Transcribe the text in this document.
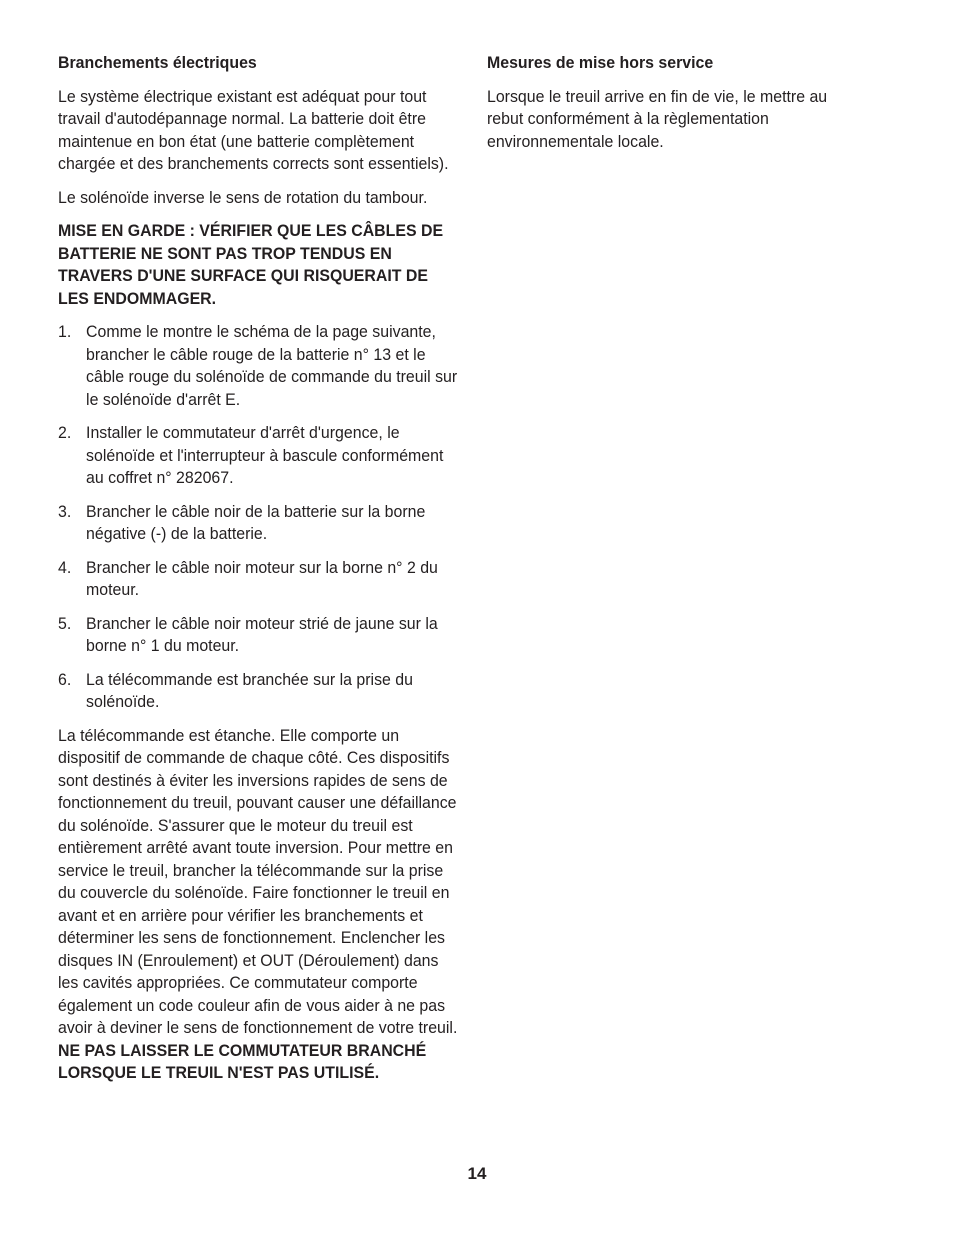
Branchements électriques

Le système électrique existant est adéquat pour tout travail d'autodépannage normal. La batterie doit être maintenue en bon état (une batterie complètement chargée et des branchements corrects sont essentiels).

Le solénoïde inverse le sens de rotation du tambour.

MISE EN GARDE : VÉRIFIER QUE LES CÂBLES DE BATTERIE NE SONT PAS TROP TENDUS EN TRAVERS D'UNE SURFACE QUI RISQUERAIT DE LES ENDOMMAGER.

1. Comme le montre le schéma de la page suivante, brancher le câble rouge de la batterie n° 13 et le câble rouge du solénoïde de commande du treuil sur le solénoïde d'arrêt E.
2. Installer le commutateur d'arrêt d'urgence, le solénoïde et l'interrupteur à bascule conformément au coffret n° 282067.
3. Brancher le câble noir de la batterie sur la borne négative (-) de la batterie.
4. Brancher le câble noir moteur sur la borne n° 2 du moteur.
5. Brancher le câble noir moteur strié de jaune sur la borne n° 1 du moteur.
6. La télécommande est branchée sur la prise du solénoïde.

La télécommande est étanche. Elle comporte un dispositif de commande de chaque côté. Ces dispositifs sont destinés à éviter les inversions rapides de sens de fonctionnement du treuil, pouvant causer une défaillance du solénoïde. S'assurer que le moteur du treuil est entièrement arrêté avant toute inversion. Pour mettre en service le treuil, brancher la télécommande sur la prise du couvercle du solénoïde. Faire fonctionner le treuil en avant et en arrière pour vérifier les branchements et déterminer les sens de fonctionnement. Enclencher les disques IN (Enroulement) et OUT (Déroulement) dans les cavités appropriées. Ce commutateur comporte également un code couleur afin de vous aider à ne pas avoir à deviner le sens de fonctionnement de votre treuil.

NE PAS LAISSER LE COMMUTATEUR BRANCHÉ LORSQUE LE TREUIL N'EST PAS UTILISÉ.

Mesures de mise hors service

Lorsque le treuil arrive en fin de vie, le mettre au rebut conformément à la règlementation environnementale locale.

14
